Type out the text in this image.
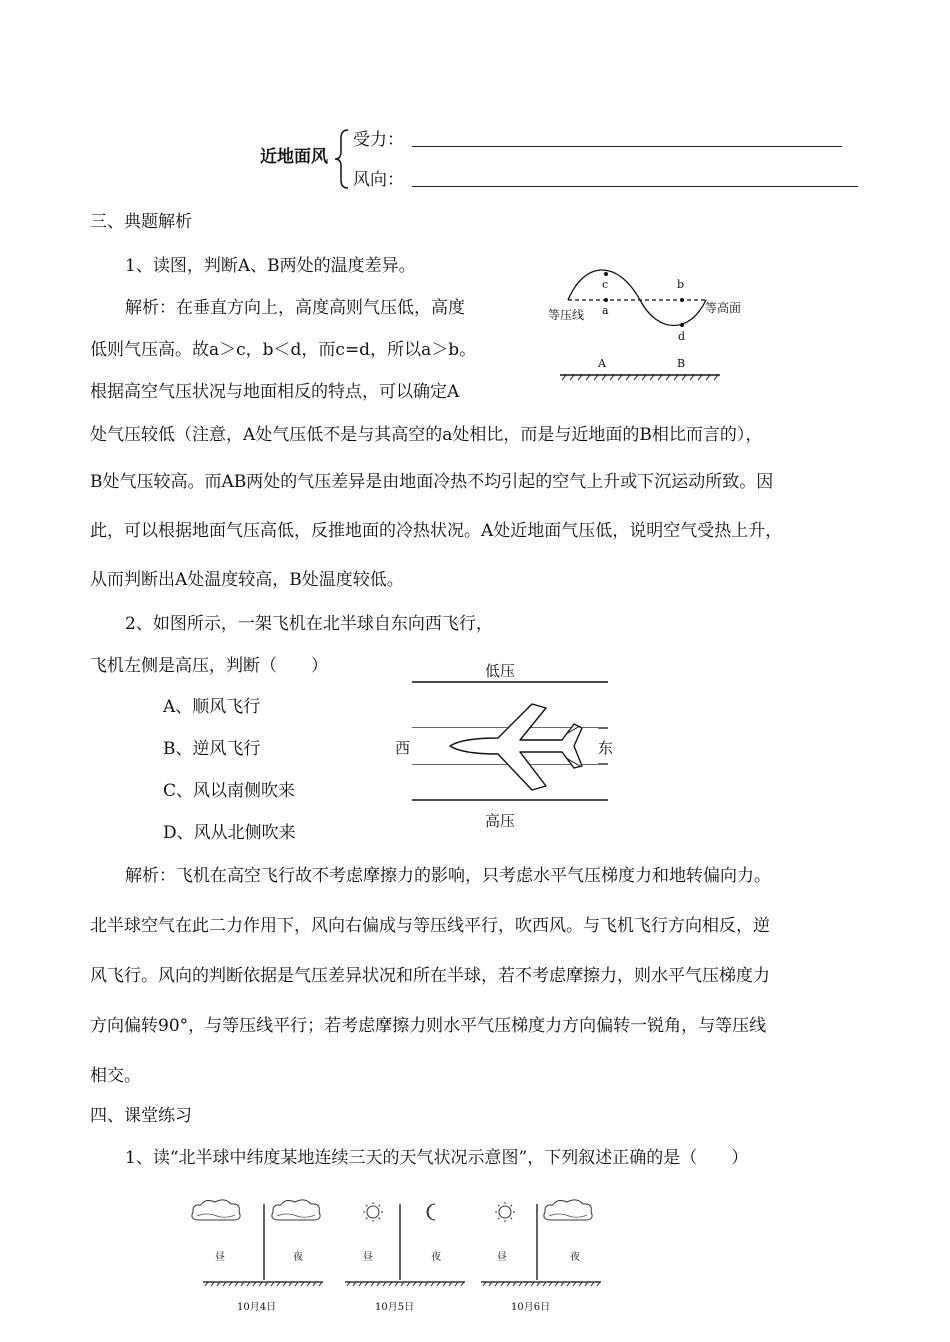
近地面风
受力：
风向：
三、典题解析
1、读图，判断A、B两处的温度差异。
解析：在垂直方向上，高度高则气压低，高度
低则气压高。故a＞c，b＜d，而c=d，所以a＞b。
根据高空气压状况与地面相反的特点，可以确定A
处气压较低（注意，A处气压低不是与其高空的a处相比，而是与近地面的B相比而言的），
B处气压较高。而AB两处的气压差异是由地面冷热不均引起的空气上升或下沉运动所致。因
此，可以根据地面气压高低，反推地面的冷热状况。A处近地面气压低，说明空气受热上升，
从而判断出A处温度较高，B处温度较低。
c
a
b
d
等压线	等高面
A	B
2、如图所示，一架飞机在北半球自东向西飞行，
飞机左侧是高压，判断（　　）
A、顺风飞行
B、逆风飞行
C、风以南侧吹来
D、风从北侧吹来
低压
高压
西	东
解析：飞机在高空飞行故不考虑摩擦力的影响，只考虑水平气压梯度力和地转偏向力。
北半球空气在此二力作用下，风向右偏成与等压线平行，吹西风。与飞机飞行方向相反，逆
风飞行。风向的判断依据是气压差异状况和所在半球，若不考虑摩擦力，则水平气压梯度力
方向偏转90°，与等压线平行；若考虑摩擦力则水平气压梯度力方向偏转一锐角，与等压线
相交。
四、课堂练习
1、读“北半球中纬度某地连续三天的天气状况示意图”，下列叙述正确的是（　　）
昼	夜
10月4日
昼	夜
10月5日
昼	夜
10月6日
